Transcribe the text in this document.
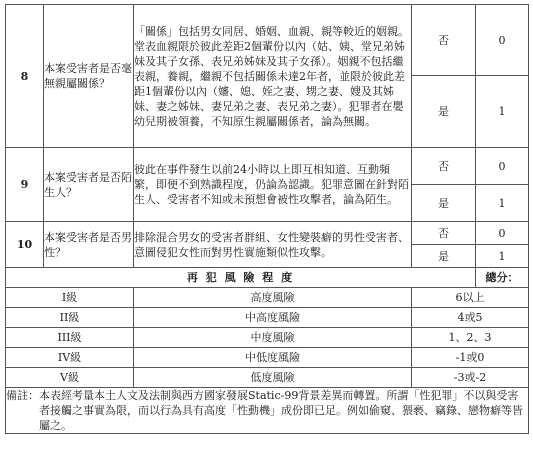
8	本案受害者是否毫無親屬關係？	「關係」包括男女同居、婚姻、血親、親等較近的姻親。堂表血親限於彼此差距2個輩份以內（姑、姨、堂兄弟姊妹及其子女孫、表兄弟姊妹及其子女孫）。姻親不包括繼表親，養親，繼親不包括關係未達2年者，並限於彼此差距1個輩份以內（嬸、媳、姪之妻、甥之妻、嫂及其姊妹、妻之姊妹、妻兄弟之妻、表兄弟之妻）。犯罪者在嬰幼兒期被領養，不知原生親屬關係者，論為無關。	否	0
			是	1
9	本案受害者是否陌生人？	彼此在事件發生以前24小時以上即互相知道、互動頻繁，即便不到熟識程度，仍論為認識。犯罪意圖在針對陌生人、受害者不知或未預想會被性攻擊者，論為陌生。	否	0
			是	1
10	本案受害者是否男性？	排除混合男女的受害者群組、女性變裝癖的男性受害者、意圖侵犯女性而對男性實施類似性攻擊。	否	0
			是	1
再 犯 風 險 程 度				總分：
I級		高度風險	6以上	
II級		中高度風險	4或5	
III級		中度風險	1、2、3	
IV級		中低度風險	-1或0	
V級		低度風險	-3或-2	

備註： 本表經考量本土人文及法制與西方國家發展Static-99背景差異而轉置。所謂「性犯罪」不以與受害者接觸之事實為限，而以行為具有高度「性動機」成份即已足。例如偷窺、猥褻、竊錄、戀物癖等皆屬之。				
